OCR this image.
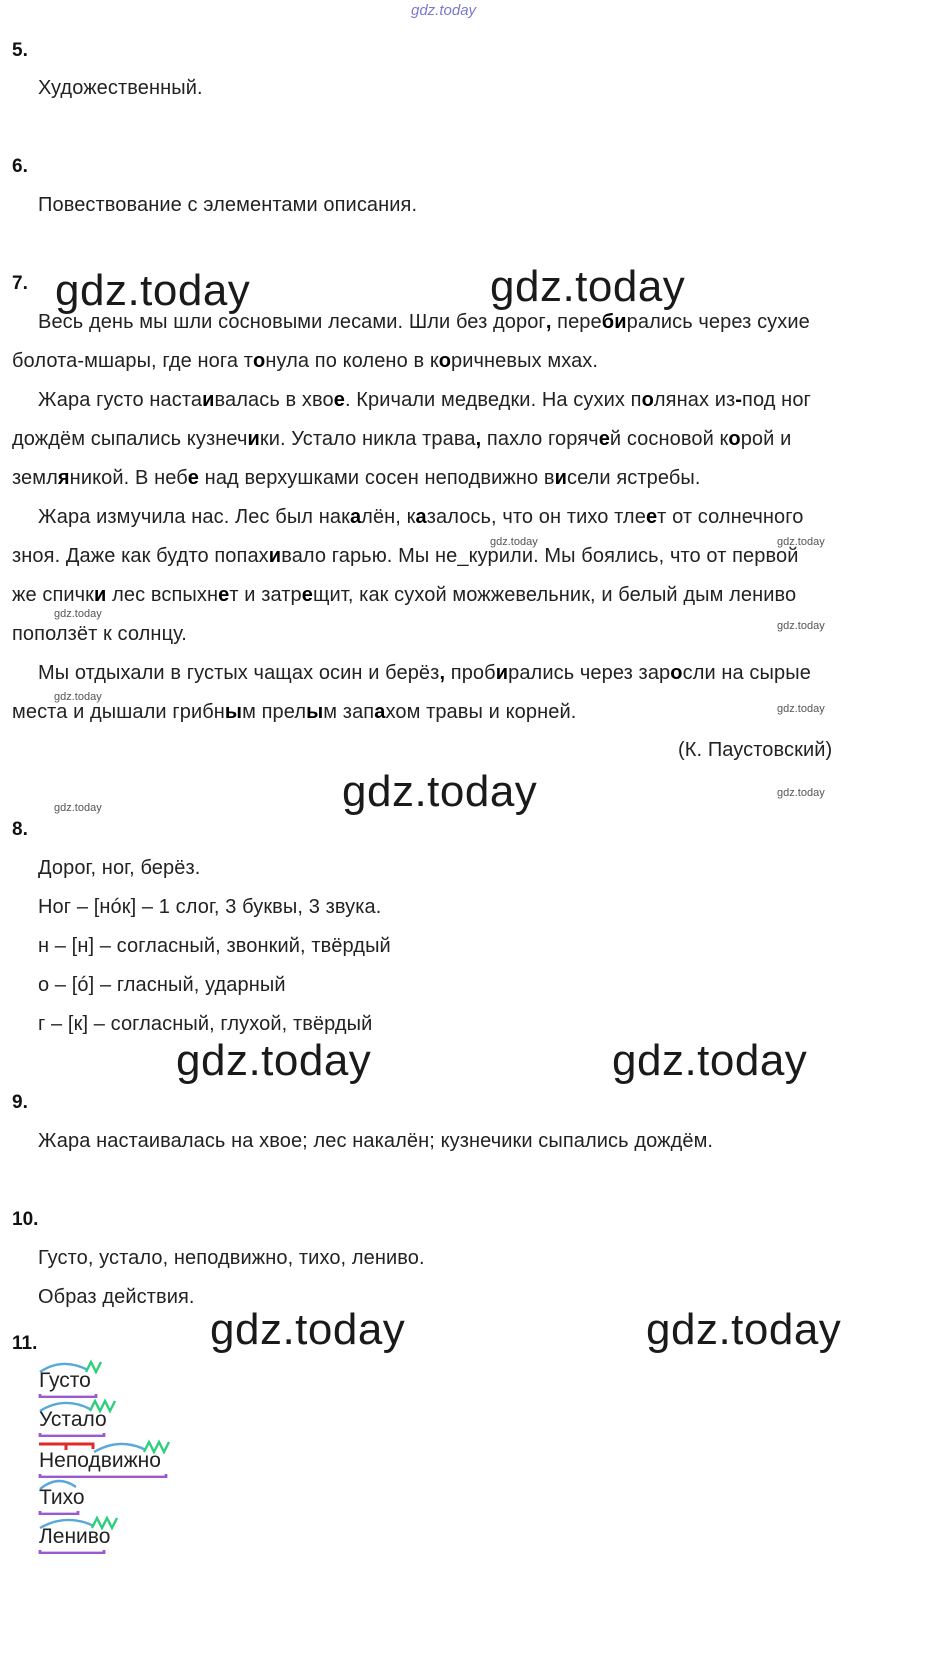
gdz.today
5.
Художественный.
6.
Повествование с элементами описания.
7. gdz.today	gdz.today
Весь день мы шли сосновыми лесами. Шли без дорог, перебирались через сухие
болота-мшары, где нога тонула по колено в коричневых мхах.
Жара густо настаивалась в хвое. Кричали медведки. На сухих полянах из-под ног
дождём сыпались кузнечики. Устало никла трава, пахло горячей сосновой корой и
земляникой. В небе над верхушками сосен неподвижно висели ястребы.
Жара измучила нас. Лес был накалён, казалось, что он тихо тлеет от солнечного
зноя. Даже как будто попахивало гарью. Мы не_курили. Мы боялись, что от первой
же спички лес вспыхнет и затрещит, как сухой можжевельник, и белый дым лениво
поползёт к солнцу.
Мы отдыхали в густых чащах осин и берёз, пробирались через заросли на сырые
места и дышали грибным прелым запахом травы и корней.
(К. Паустовский)
gdz.today	gdz.today
gdz.today
gdz.today
gdz.today
gdz.today
gdz.today	gdz.today
gdz.today
8.
Дорог, ног, берёз.
Ног – [нóк] – 1 слог, 3 буквы, 3 звука.
н – [н] – согласный, звонкий, твёрдый
о – [ó] – гласный, ударный
г – [к] – согласный, глухой, твёрдый
gdz.today	gdz.today
9.
Жара настаивалась на хвое; лес накалён; кузнечики сыпались дождём.
10.
Густо, устало, неподвижно, тихо, лениво.
Образ действия.
11.	gdz.today	gdz.today
Густо
Устало
Неподвижно
Тихо
Лениво
